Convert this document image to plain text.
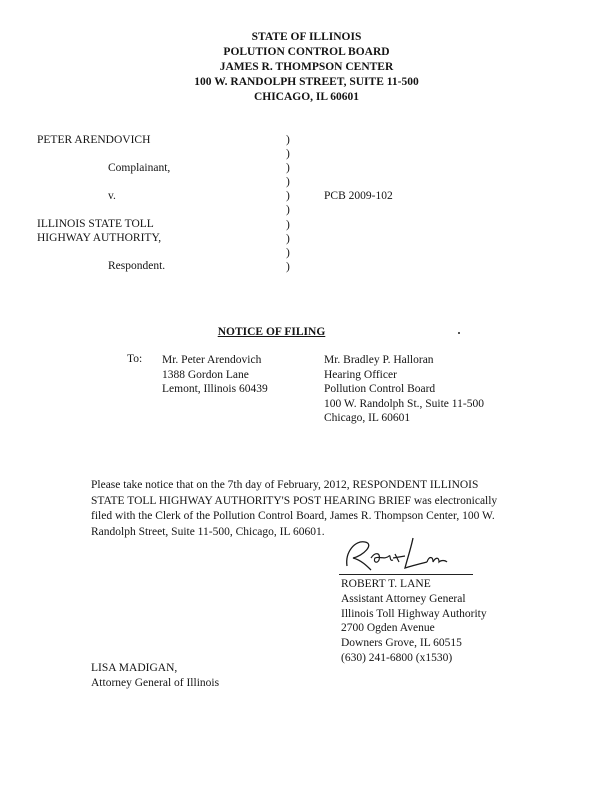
STATE OF ILLINOIS
POLUTION CONTROL BOARD
JAMES R. THOMPSON CENTER
100 W. RANDOLPH STREET, SUITE 11-500
CHICAGO, IL 60601
PETER ARENDOVICH
Complainant,
v.	PCB 2009-102
ILLINOIS STATE TOLL
HIGHWAY AUTHORITY,
Respondent.
)
)
)
)
)
)
)
)
)
)
NOTICE OF FILING
To: Mr. Peter Arendovich
1388 Gordon Lane
Lemont, Illinois 60439
Mr. Bradley P. Halloran
Hearing Officer
Pollution Control Board
100 W. Randolph St., Suite 11-500
Chicago, IL 60601
Please take notice that on the 7th day of February, 2012, RESPONDENT ILLINOIS
STATE TOLL HIGHWAY AUTHORITY'S POST HEARING BRIEF was electronically
filed with the Clerk of the Pollution Control Board, James R. Thompson Center, 100 W.
Randolph Street, Suite 11-500, Chicago, IL 60601.
ROBERT T. LANE
Assistant Attorney General
Illinois Toll Highway Authority
2700 Ogden Avenue
Downers Grove, IL 60515
(630) 241-6800 (x1530)
LISA MADIGAN,
Attorney General of Illinois
